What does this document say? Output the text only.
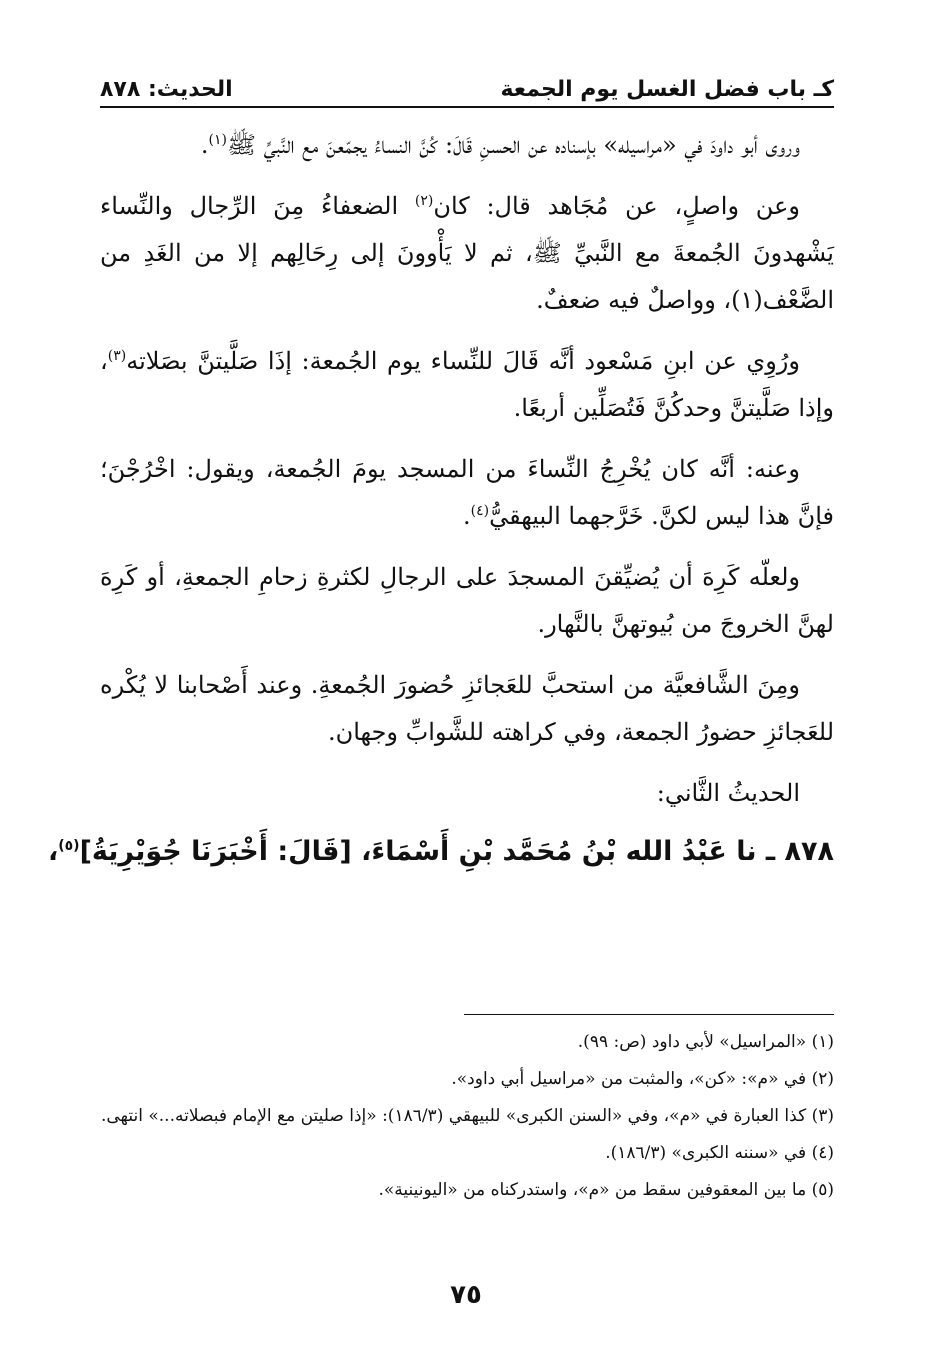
ﮐـ باب فضل الغسل يوم الجمعة
الحديث: ٨٧٨

وروى أبو داودَ في «مراسيله» بإسناده عن الحسنِ قَالَ: كُنَّ النساءُ يجمّعنَ مع النَّبيِّ ﷺ$^{(١)}$.

وعن واصلٍ، عن مُجَاهد قال: كان$^{(٢)}$ الضعفاءُ مِنَ الرِّجال والنِّساء يَشْهدونَ الجُمعةَ مع النَّبيِّ ﷺ، ثم لا يَأْوونَ إلى رِحَالِهم إلا من الغَدِ من الضَّعْف(١)، وواصلٌ فيه ضعفٌ.

ورُوِي عن ابنِ مَسْعود أنَّه قَالَ للنِّساء يوم الجُمعة: إذَا صَلَّيتنَّ بصَلاته$^{(٣)}$، وإذا صَلَّيتنَّ وحدكُنَّ فَتُصَلِّين أربعًا.

وعنه: أنَّه كان يُخْرِجُ النِّساءَ من المسجد يومَ الجُمعة، ويقول: اخْرُجْنَ؛ فإنَّ هذا ليس لكنَّ. خَرَّجهما البيهقيُّ$^{(٤)}$.

ولعلّه كَرِهَ أن يُضيِّقنَ المسجدَ على الرجالِ لكثرةِ زحامِ الجمعةِ، أو كَرِهَ لهنَّ الخروجَ من بُيوتهنَّ بالنَّهار.

ومِنَ الشَّافعيَّة من استحبَّ للعَجائزِ حُضورَ الجُمعةِ. وعند أَصْحابنا لا يُكْره للعَجائزِ حضورُ الجمعة، وفي كراهته للشَّوابِّ وجهان.

الحديثُ الثَّاني:

٨٧٨ ـ نا عَبْدُ الله بْنُ مُحَمَّد بْنِ أَسْمَاءَ، [قَالَ: أَخْبَرَنَا جُوَيْرِيَةُ]$^{(٥)}$،

(١) «المراسيل» لأبي داود (ص: ٩٩).

(٢) في «م»: «كن»، والمثبت من «مراسيل أبي داود».

(٣) كذا العبارة في «م»، وفي «السنن الكبرى» للبيهقي (١٨٦/٣): «إذا صليتن مع الإمام فبصلاته...» انتهى.

(٤) في «سننه الكبرى» (١٨٦/٣).

(٥) ما بين المعقوفين سقط من «م»، واستدركناه من «اليونينية».

٧٥
